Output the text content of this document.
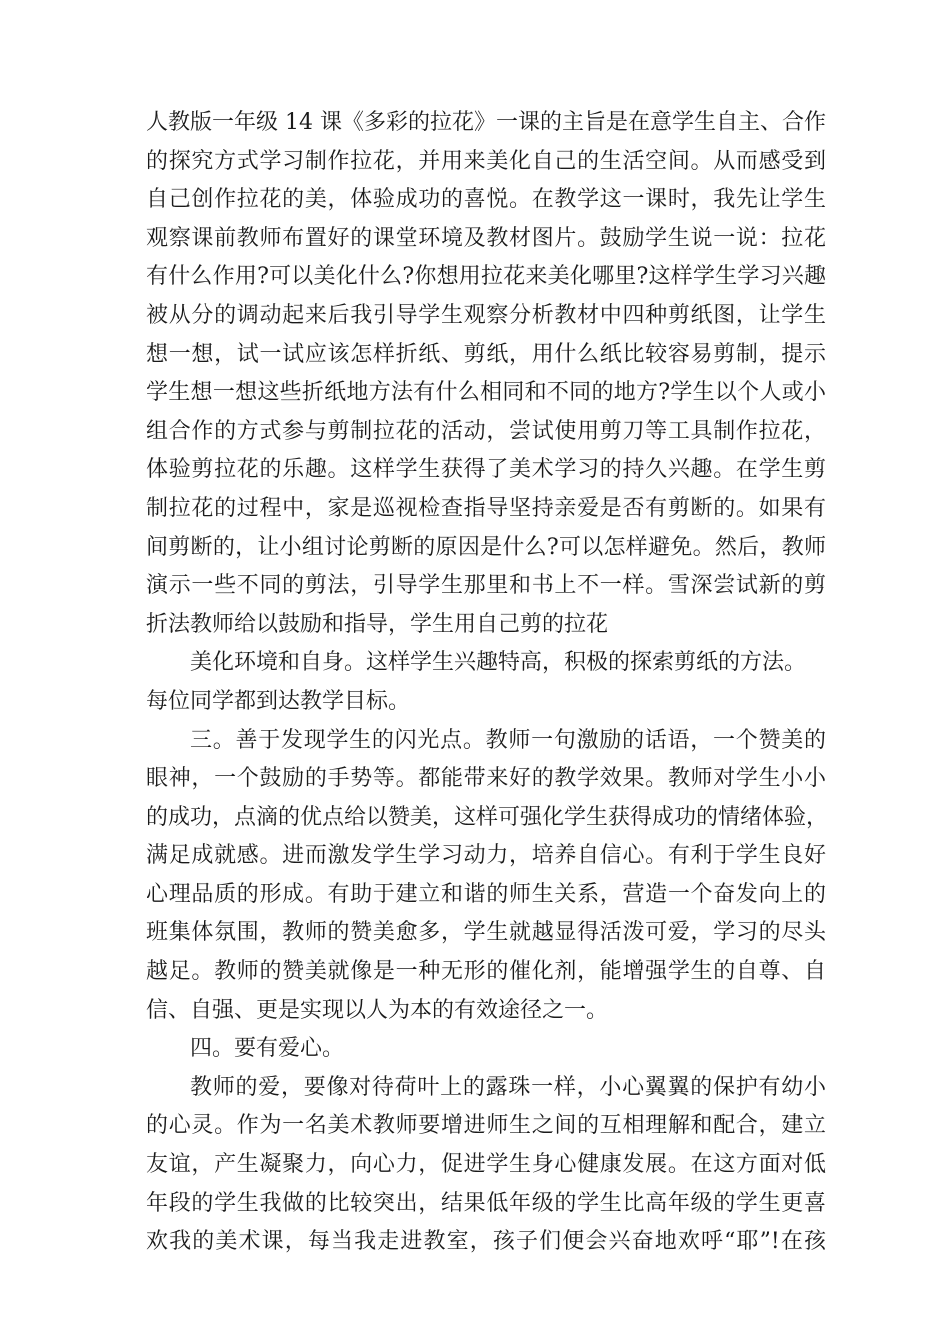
人教版一年级 14 课《多彩的拉花》一课的主旨是在意学生自主、合作
的探究方式学习制作拉花，并用来美化自己的生活空间。从而感受到
自己创作拉花的美，体验成功的喜悦。在教学这一课时，我先让学生
观察课前教师布置好的课堂环境及教材图片。鼓励学生说一说：拉花
有什么作用?可以美化什么?你想用拉花来美化哪里?这样学生学习兴趣
被从分的调动起来后我引导学生观察分析教材中四种剪纸图，让学生
想一想，试一试应该怎样折纸、剪纸，用什么纸比较容易剪制，提示
学生想一想这些折纸地方法有什么相同和不同的地方?学生以个人或小
组合作的方式参与剪制拉花的活动，尝试使用剪刀等工具制作拉花，
体验剪拉花的乐趣。这样学生获得了美术学习的持久兴趣。在学生剪
制拉花的过程中，家是巡视检查指导坚持亲爱是否有剪断的。如果有
间剪断的，让小组讨论剪断的原因是什么?可以怎样避免。然后，教师
演示一些不同的剪法，引导学生那里和书上不一样。雪深尝试新的剪
折法教师给以鼓励和指导，学生用自己剪的拉花
美化环境和自身。这样学生兴趣特高，积极的探索剪纸的方法。
每位同学都到达教学目标。
三。善于发现学生的闪光点。教师一句激励的话语，一个赞美的
眼神，一个鼓励的手势等。都能带来好的教学效果。教师对学生小小
的成功，点滴的优点给以赞美，这样可强化学生获得成功的情绪体验，
满足成就感。进而激发学生学习动力，培养自信心。有利于学生良好
心理品质的形成。有助于建立和谐的师生关系，营造一个奋发向上的
班集体氛围，教师的赞美愈多，学生就越显得活泼可爱，学习的尽头
越足。教师的赞美就像是一种无形的催化剂，能增强学生的自尊、自
信、自强、更是实现以人为本的有效途径之一。
四。要有爱心。
教师的爱，要像对待荷叶上的露珠一样，小心翼翼的保护有幼小
的心灵。作为一名美术教师要增进师生之间的互相理解和配合，建立
友谊，产生凝聚力，向心力，促进学生身心健康发展。在这方面对低
年段的学生我做的比较突出，结果低年级的学生比高年级的学生更喜
欢我的美术课，每当我走进教室，孩子们便会兴奋地欢呼“耶”!在孩
